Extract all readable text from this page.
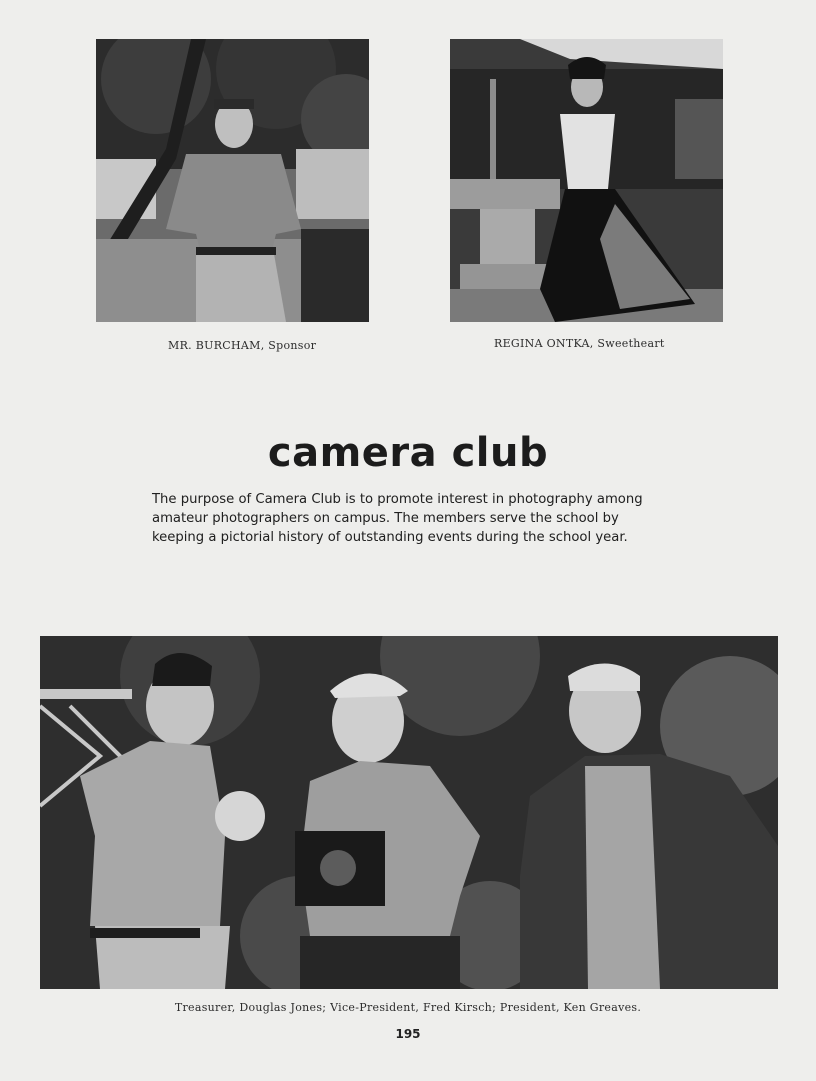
MR. BURCHAM, Sponsor	REGINA ONTKA, Sweetheart
camera club
The purpose of Camera Club is to promote interest in photography among
amateur photographers on campus. The members serve the school by
keeping a pictorial history of outstanding events during the school year.
Treasurer, Douglas Jones; Vice-President, Fred Kirsch; President, Ken Greaves.
195
